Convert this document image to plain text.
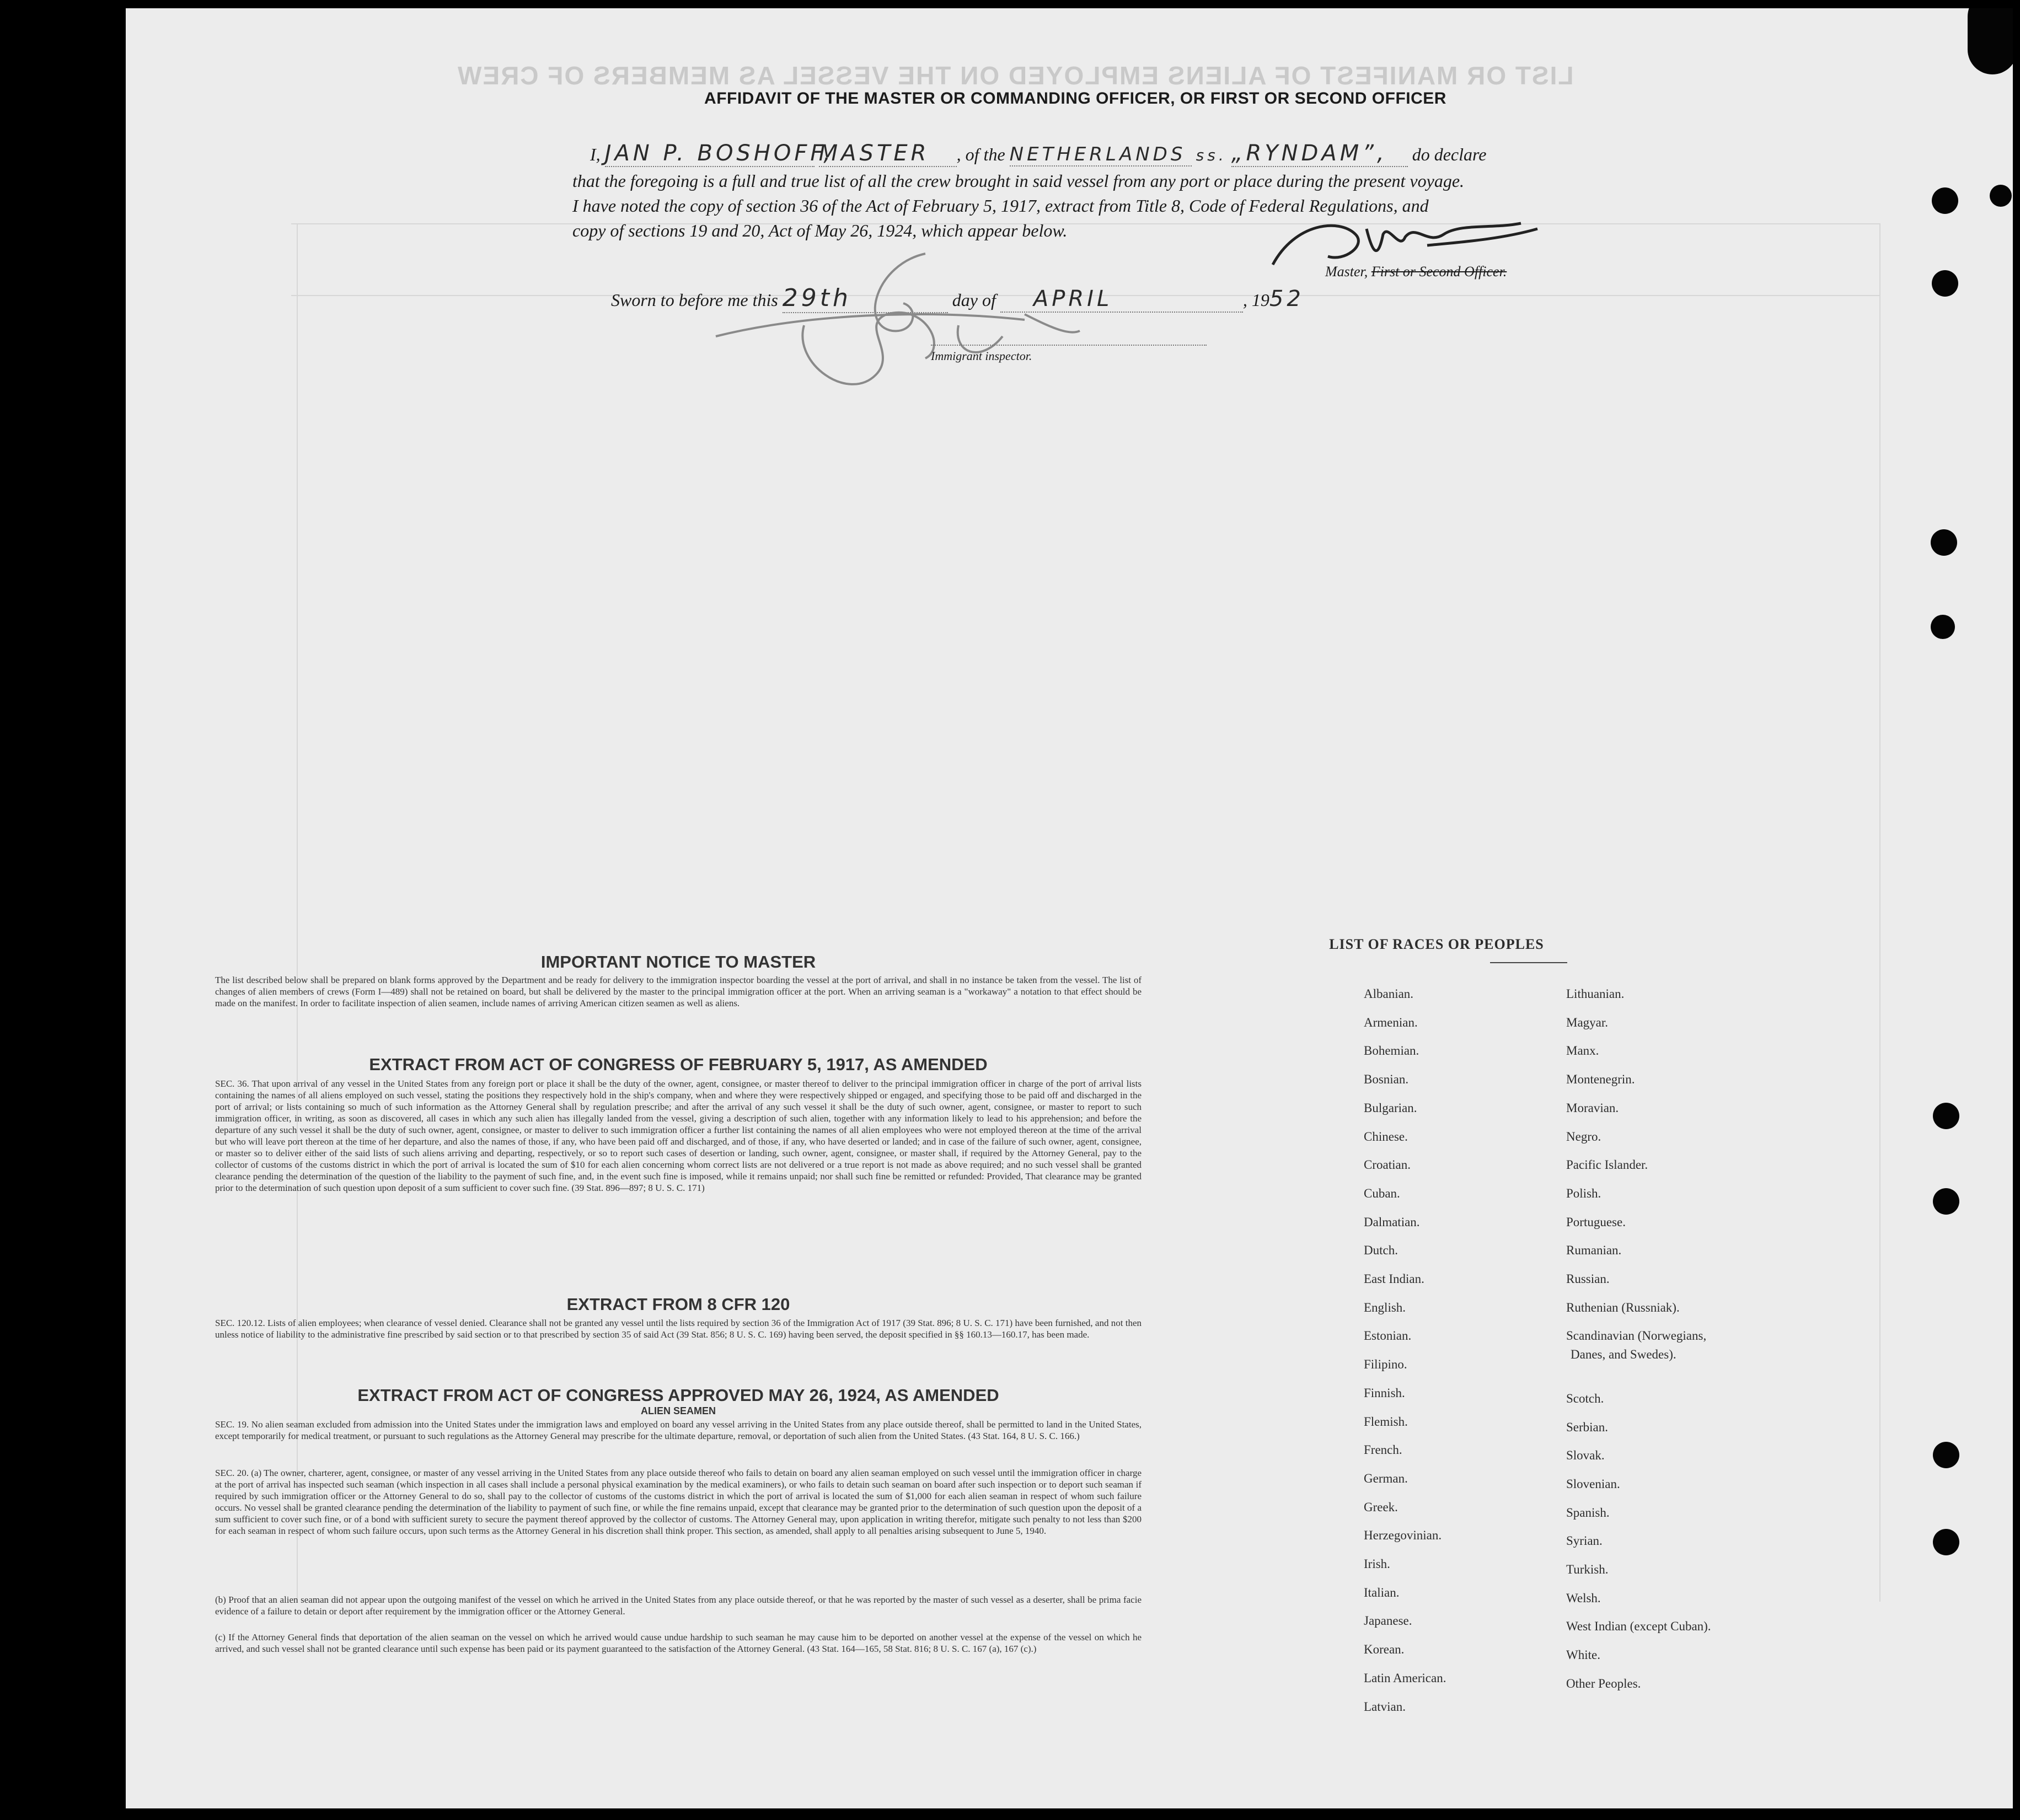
LIST OR MANIFEST OF ALIENS EMPLOYED ON THE VESSEL AS MEMBERS OF CREW
AFFIDAVIT OF THE MASTER OR COMMANDING OFFICER, OR FIRST OR SECOND OFFICER
I, JAN P. BOSHOFF, MASTER , of the NETHERLANDS ss. „RYNDAM”, do declare
that the foregoing is a full and true list of all the crew brought in said vessel from any port or place during the present voyage.
I have noted the copy of section 36 of the Act of February 5, 1917, extract from Title 8, Code of Federal Regulations, and
copy of sections 19 and 20, Act of May 26, 1924, which appear below.
Master, First or Second Officer.
Sworn to before me this 29th	day of APRIL	, 1952
Immigrant inspector.
IMPORTANT NOTICE TO MASTER
The list described below shall be prepared on blank forms approved by the Department and be ready for delivery to the immigration inspector boarding the vessel at the port of arrival, and shall in no instance be taken from the vessel. The list of changes of alien members of crews (Form I—489) shall not be retained on board, but shall be delivered by the master to the principal immigration officer at the port. When an arriving seaman is a "workaway" a notation to that effect should be made on the manifest. In order to facilitate inspection of alien seamen, include names of arriving American citizen seamen as well as aliens.
EXTRACT FROM ACT OF CONGRESS OF FEBRUARY 5, 1917, AS AMENDED
SEC. 36. That upon arrival of any vessel in the United States from any foreign port or place it shall be the duty of the owner, agent, consignee, or master thereof to deliver to the principal immigration officer in charge of the port of arrival lists containing the names of all aliens employed on such vessel, stating the positions they respectively hold in the ship's company, when and where they were respectively shipped or engaged, and specifying those to be paid off and discharged in the port of arrival; or lists containing so much of such information as the Attorney General shall by regulation prescribe; and after the arrival of any such vessel it shall be the duty of such owner, agent, consignee, or master to report to such immigration officer, in writing, as soon as discovered, all cases in which any such alien has illegally landed from the vessel, giving a description of such alien, together with any information likely to lead to his apprehension; and before the departure of any such vessel it shall be the duty of such owner, agent, consignee, or master to deliver to such immigration officer a further list containing the names of all alien employees who were not employed thereon at the time of the arrival but who will leave port thereon at the time of her departure, and also the names of those, if any, who have been paid off and discharged, and of those, if any, who have deserted or landed; and in case of the failure of such owner, agent, consignee, or master so to deliver either of the said lists of such aliens arriving and departing, respectively, or so to report such cases of desertion or landing, such owner, agent, consignee, or master shall, if required by the Attorney General, pay to the collector of customs of the customs district in which the port of arrival is located the sum of $10 for each alien concerning whom correct lists are not delivered or a true report is not made as above required; and no such vessel shall be granted clearance pending the determination of the question of the liability to the payment of such fine, and, in the event such fine is imposed, while it remains unpaid; nor shall such fine be remitted or refunded: Provided, That clearance may be granted prior to the determination of such question upon deposit of a sum sufficient to cover such fine. (39 Stat. 896—897; 8 U. S. C. 171)
EXTRACT FROM 8 CFR 120
SEC. 120.12. Lists of alien employees; when clearance of vessel denied. Clearance shall not be granted any vessel until the lists required by section 36 of the Immigration Act of 1917 (39 Stat. 896; 8 U. S. C. 171) have been furnished, and not then unless notice of liability to the administrative fine prescribed by said section or to that prescribed by section 35 of said Act (39 Stat. 856; 8 U. S. C. 169) having been served, the deposit specified in §§ 160.13—160.17, has been made.
EXTRACT FROM ACT OF CONGRESS APPROVED MAY 26, 1924, AS AMENDED
ALIEN SEAMEN
SEC. 19. No alien seaman excluded from admission into the United States under the immigration laws and employed on board any vessel arriving in the United States from any place outside thereof, shall be permitted to land in the United States, except temporarily for medical treatment, or pursuant to such regulations as the Attorney General may prescribe for the ultimate departure, removal, or deportation of such alien from the United States. (43 Stat. 164, 8 U. S. C. 166.)
SEC. 20. (a) The owner, charterer, agent, consignee, or master of any vessel arriving in the United States from any place outside thereof who fails to detain on board any alien seaman employed on such vessel until the immigration officer in charge at the port of arrival has inspected such seaman (which inspection in all cases shall include a personal physical examination by the medical examiners), or who fails to detain such seaman on board after such inspection or to deport such seaman if required by such immigration officer or the Attorney General to do so, shall pay to the collector of customs of the customs district in which the port of arrival is located the sum of $1,000 for each alien seaman in respect of whom such failure occurs. No vessel shall be granted clearance pending the determination of the liability to payment of such fine, or while the fine remains unpaid, except that clearance may be granted prior to the determination of such question upon the deposit of a sum sufficient to cover such fine, or of a bond with sufficient surety to secure the payment thereof approved by the collector of customs. The Attorney General may, upon application in writing therefor, mitigate such penalty to not less than $200 for each seaman in respect of whom such failure occurs, upon such terms as the Attorney General in his discretion shall think proper. This section, as amended, shall apply to all penalties arising subsequent to June 5, 1940.
(b) Proof that an alien seaman did not appear upon the outgoing manifest of the vessel on which he arrived in the United States from any place outside thereof, or that he was reported by the master of such vessel as a deserter, shall be prima facie evidence of a failure to detain or deport after requirement by the immigration officer or the Attorney General.
(c) If the Attorney General finds that deportation of the alien seaman on the vessel on which he arrived would cause undue hardship to such seaman he may cause him to be deported on another vessel at the expense of the vessel on which he arrived, and such vessel shall not be granted clearance until such expense has been paid or its payment guaranteed to the satisfaction of the Attorney General. (43 Stat. 164—165, 58 Stat. 816; 8 U. S. C. 167 (a), 167 (c).)
LIST OF RACES OR PEOPLES
Albanian.
Armenian.
Bohemian.
Bosnian.
Bulgarian.
Chinese.
Croatian.
Cuban.
Dalmatian.
Dutch.
East Indian.
English.
Estonian.
Filipino.
Finnish.
Flemish.
French.
German.
Greek.
Herzegovinian.
Irish.
Italian.
Japanese.
Korean.
Latin American.
Latvian.
Lithuanian.
Magyar.
Manx.
Montenegrin.
Moravian.
Negro.
Pacific Islander.
Polish.
Portuguese.
Rumanian.
Russian.
Ruthenian (Russniak).
Scandinavian (Norwegians,
Danes, and Swedes).
Scotch.
Serbian.
Slovak.
Slovenian.
Spanish.
Syrian.
Turkish.
Welsh.
West Indian (except Cuban).
White.
Other Peoples.
